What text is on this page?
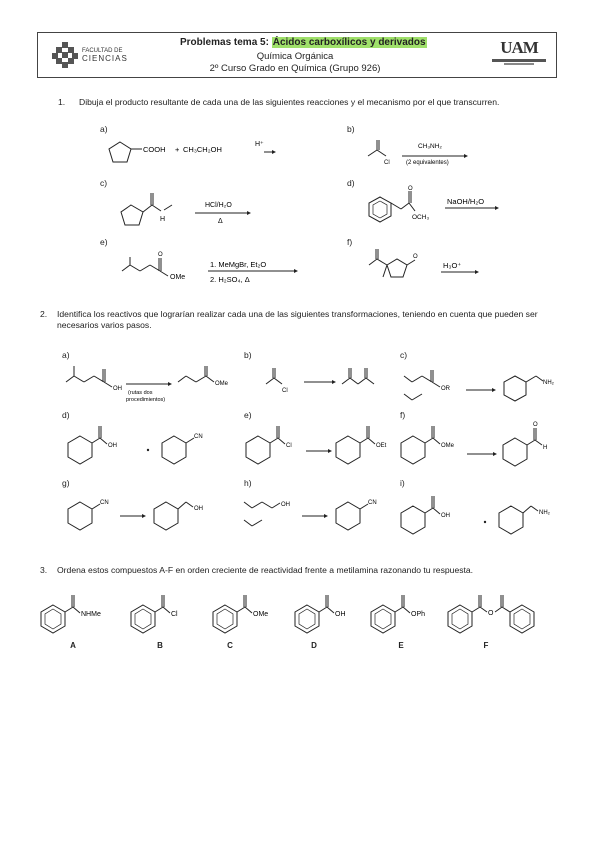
FACULTAD DE
CIENCIAS
Problemas tema 5: Ácidos carboxílicos y derivados
Química Orgánica
2º Curso Grado en Química (Grupo 926)
UAM
1. Dibuja el producto resultante de cada una de las siguientes reacciones y el mecanismo por el que transcurren.
a)	b)
c)	d)
e)	f)
COOH + CH₃CH₂OH
H⁺
Cl
CH₃NH₂
(2 equivalentes)
H
HCl/H₂O
Δ
O
OCH₃
NaOH/H₂O
O
OMe
1. MeMgBr, Et₂O
2. H₂SO₄, Δ
O
H₃O⁺
2. Identifica los reactivos que lograrían realizar cada una de las siguientes transformaciones, teniendo en cuenta que pueden ser necesarios varios pasos.
a)	b)	c)
d)	e)	f)
g)	h)	i)
OH
(rutas dos
procedimientos)
OMe
Cl	OR
NH₂
OH
CN
Cl	OEt	OMe
O
H
CN
OH
OH	CN
OH	NH₂
3. Ordena estos compuestos A-F en orden creciente de reactividad frente a metilamina razonando tu respuesta.
NHMe
A
Cl
B
OMe
C
OH
D
OPh
E
O
F
